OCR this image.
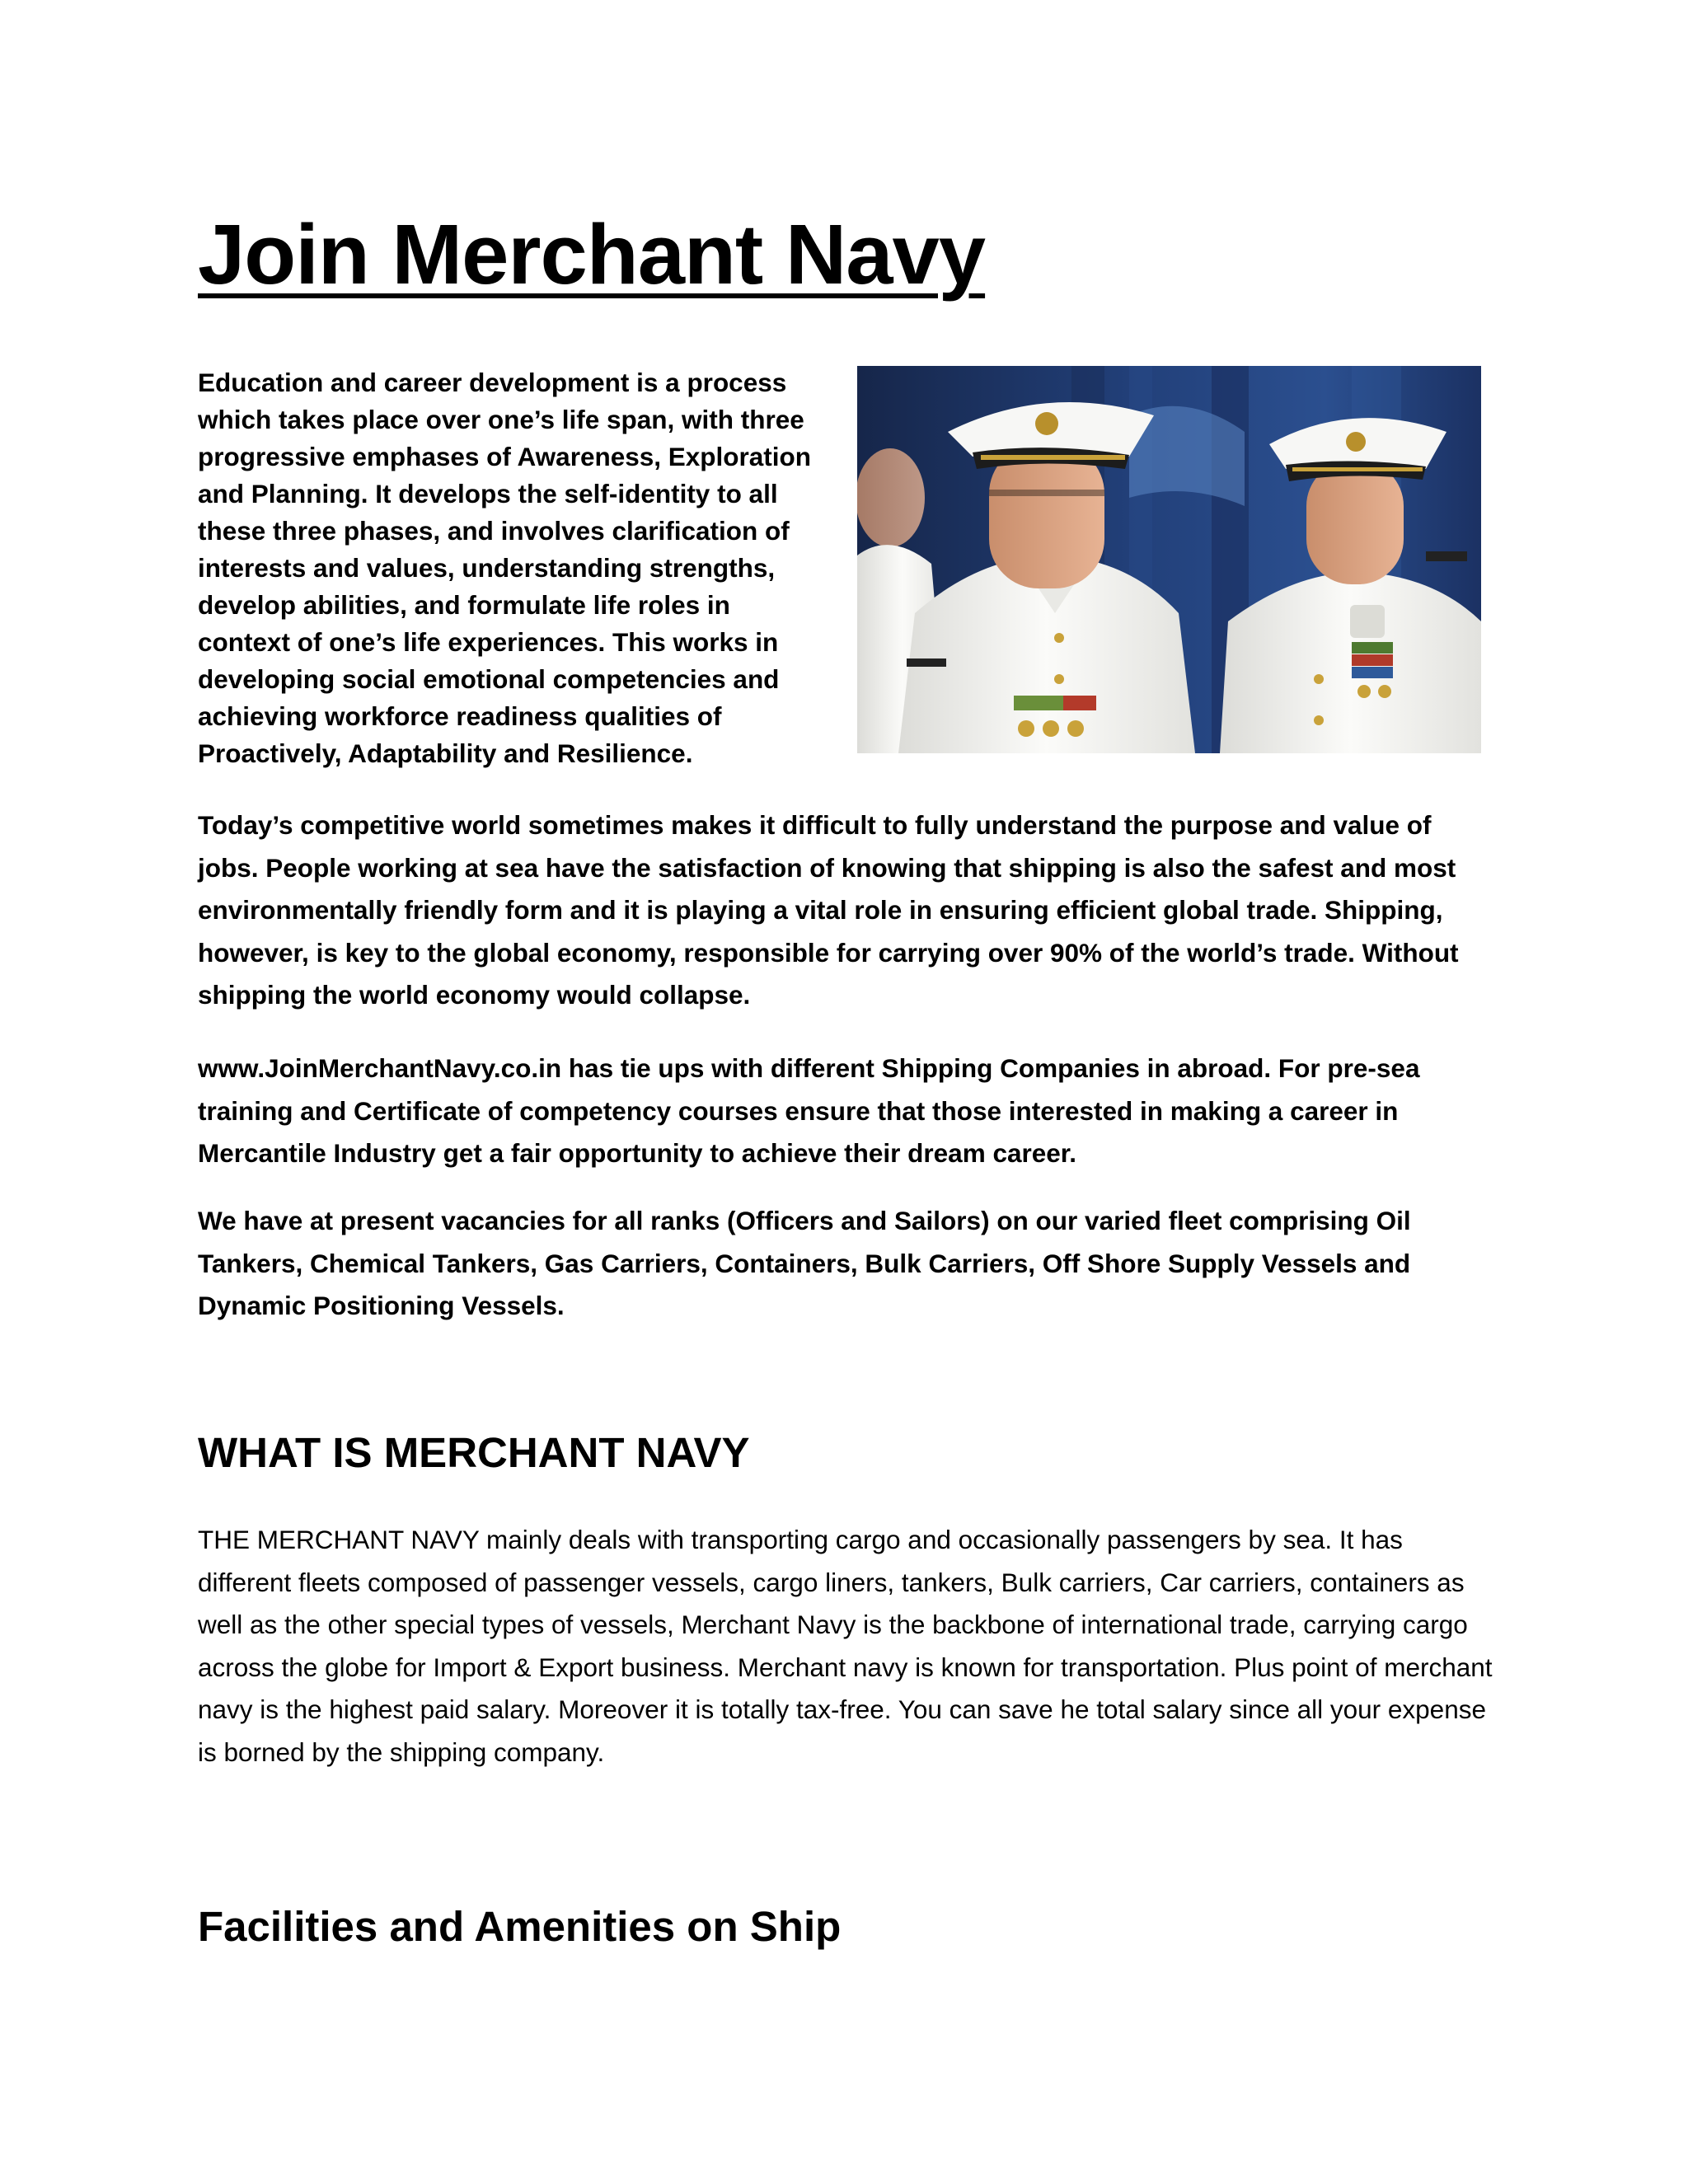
Join Merchant Navy

Education and career development is a process which takes place over one’s life span, with three progressive emphases of Awareness, Exploration and Planning. It develops the self-identity to all these three phases, and involves clarification of interests and values, understanding strengths, develop abilities, and formulate life roles in context of one’s life experiences. This works in developing social emotional competencies and achieving workforce readiness qualities of Proactively, Adaptability and Resilience.

Today’s competitive world sometimes makes it difficult to fully understand the purpose and value of jobs. People working at sea have the satisfaction of knowing that shipping is also the safest and most environmentally friendly form and it is playing a vital role in ensuring efficient global trade. Shipping, however, is key to the global economy, responsible for carrying over 90% of the world’s trade. Without shipping the world economy would collapse.

www.JoinMerchantNavy.co.in has tie ups with different Shipping Companies in abroad. For pre-sea training and Certificate of competency courses ensure that those interested in making a career in Mercantile Industry get a fair opportunity to achieve their dream career.

We have at present vacancies for all ranks (Officers and Sailors) on our varied fleet comprising Oil Tankers, Chemical Tankers, Gas Carriers, Containers, Bulk Carriers, Off Shore Supply Vessels and Dynamic Positioning Vessels.

WHAT IS MERCHANT NAVY

THE MERCHANT NAVY mainly deals with transporting cargo and occasionally passengers by sea. It has different fleets composed of passenger vessels, cargo liners, tankers, Bulk carriers, Car carriers, containers as well as the other special types of vessels, Merchant Navy is the backbone of international trade, carrying cargo across the globe for Import & Export business. Merchant navy is known for transportation. Plus point of merchant navy is the highest paid salary. Moreover it is totally tax-free. You can save he total salary since all your expense is borned by the shipping company.

Facilities and Amenities on Ship
